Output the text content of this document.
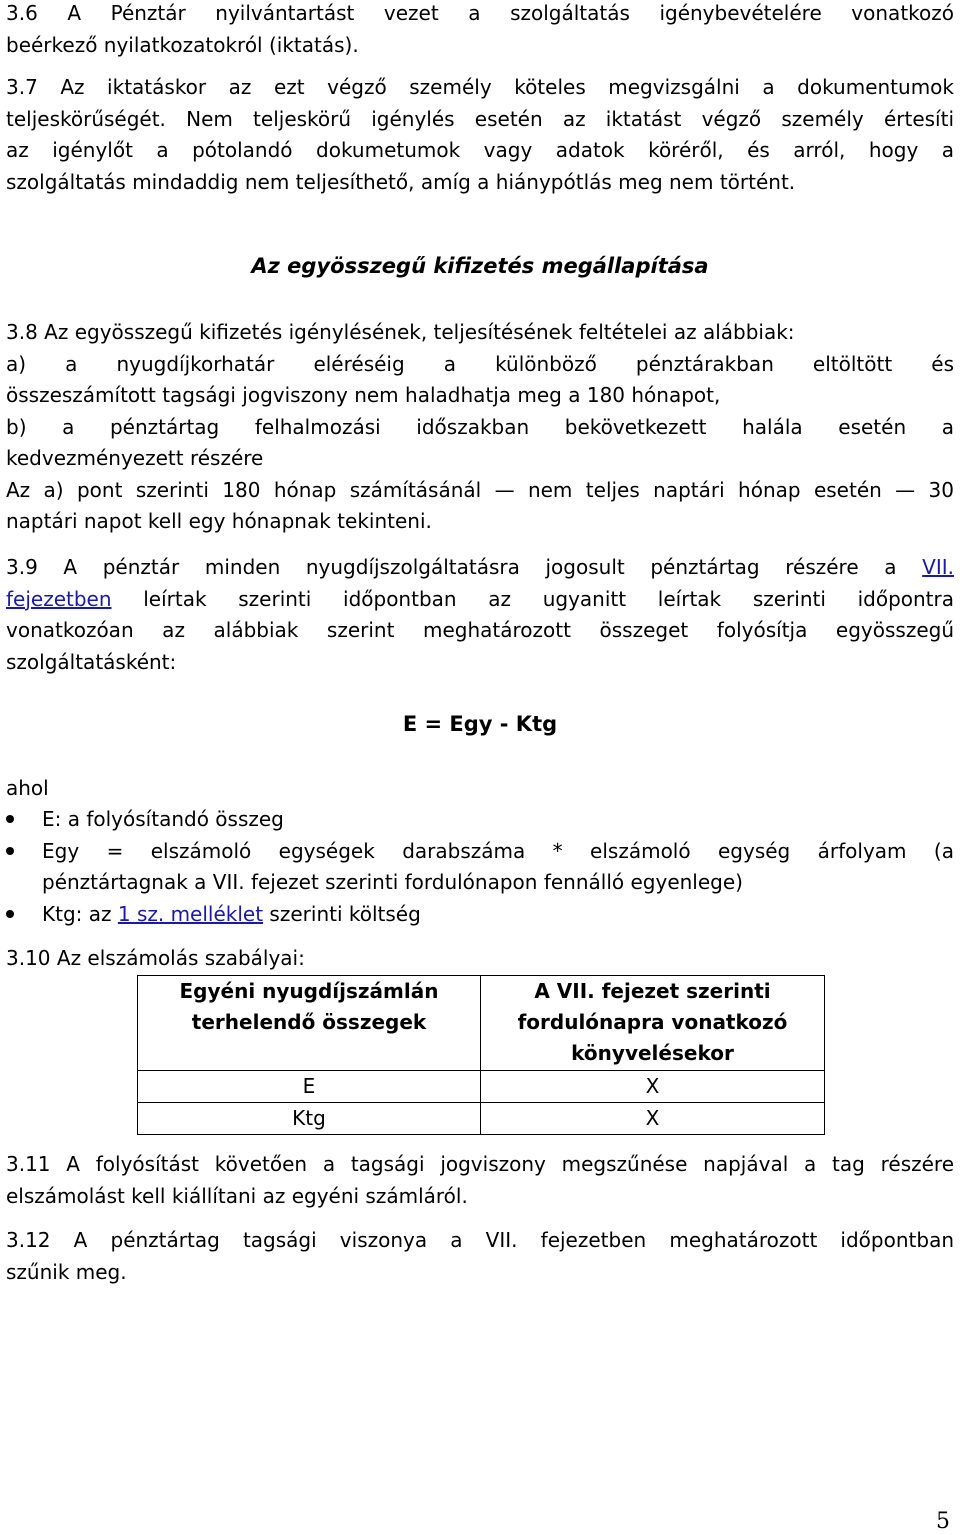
3.6 A Pénztár nyilvántartást vezet a szolgáltatás igénybevételére vonatkozó
beérkező nyilatkozatokról (iktatás).
3.7 Az iktatáskor az ezt végző személy köteles megvizsgálni a dokumentumok
teljeskörűségét. Nem teljeskörű igénylés esetén az iktatást végző személy értesíti
az igénylőt a pótolandó dokumetumok vagy adatok köréről, és arról, hogy a
szolgáltatás mindaddig nem teljesíthető, amíg a hiánypótlás meg nem történt.
Az egyösszegű kifizetés megállapítása
3.8 Az egyösszegű kifizetés igénylésének, teljesítésének feltételei az alábbiak:
a) a nyugdíjkorhatár eléréséig a különböző pénztárakban eltöltött és
összeszámított tagsági jogviszony nem haladhatja meg a 180 hónapot,
b) a pénztártag felhalmozási időszakban bekövetkezett halála esetén a
kedvezményezett részére
Az a) pont szerinti 180 hónap számításánál — nem teljes naptári hónap esetén — 30
naptári napot kell egy hónapnak tekinteni.
3.9 A pénztár minden nyugdíjszolgáltatásra jogosult pénztártag részére a VII.
fejezetben leírtak szerinti időpontban az ugyanitt leírtak szerinti időpontra
vonatkozóan az alábbiak szerint meghatározott összeget folyósítja egyösszegű
szolgáltatásként:
E = Egy - Ktg
ahol
E: a folyósítandó összeg
Egy = elszámoló egységek darabszáma * elszámoló egység árfolyam (a
pénztártagnak a VII. fejezet szerinti fordulónapon fennálló egyenlege)
Ktg: az 1 sz. melléklet szerinti költség
3.10 Az elszámolás szabályai:
Egyéni nyugdíjszámlán terhelendő összegek	A VII. fejezet szerinti fordulónapra vonatkozó könyvelésekor
E	X
Ktg	X
3.11 A folyósítást követően a tagsági jogviszony megszűnése napjával a tag részére
elszámolást kell kiállítani az egyéni számláról.
3.12 A pénztártag tagsági viszonya a VII. fejezetben meghatározott időpontban
szűnik meg.
5
